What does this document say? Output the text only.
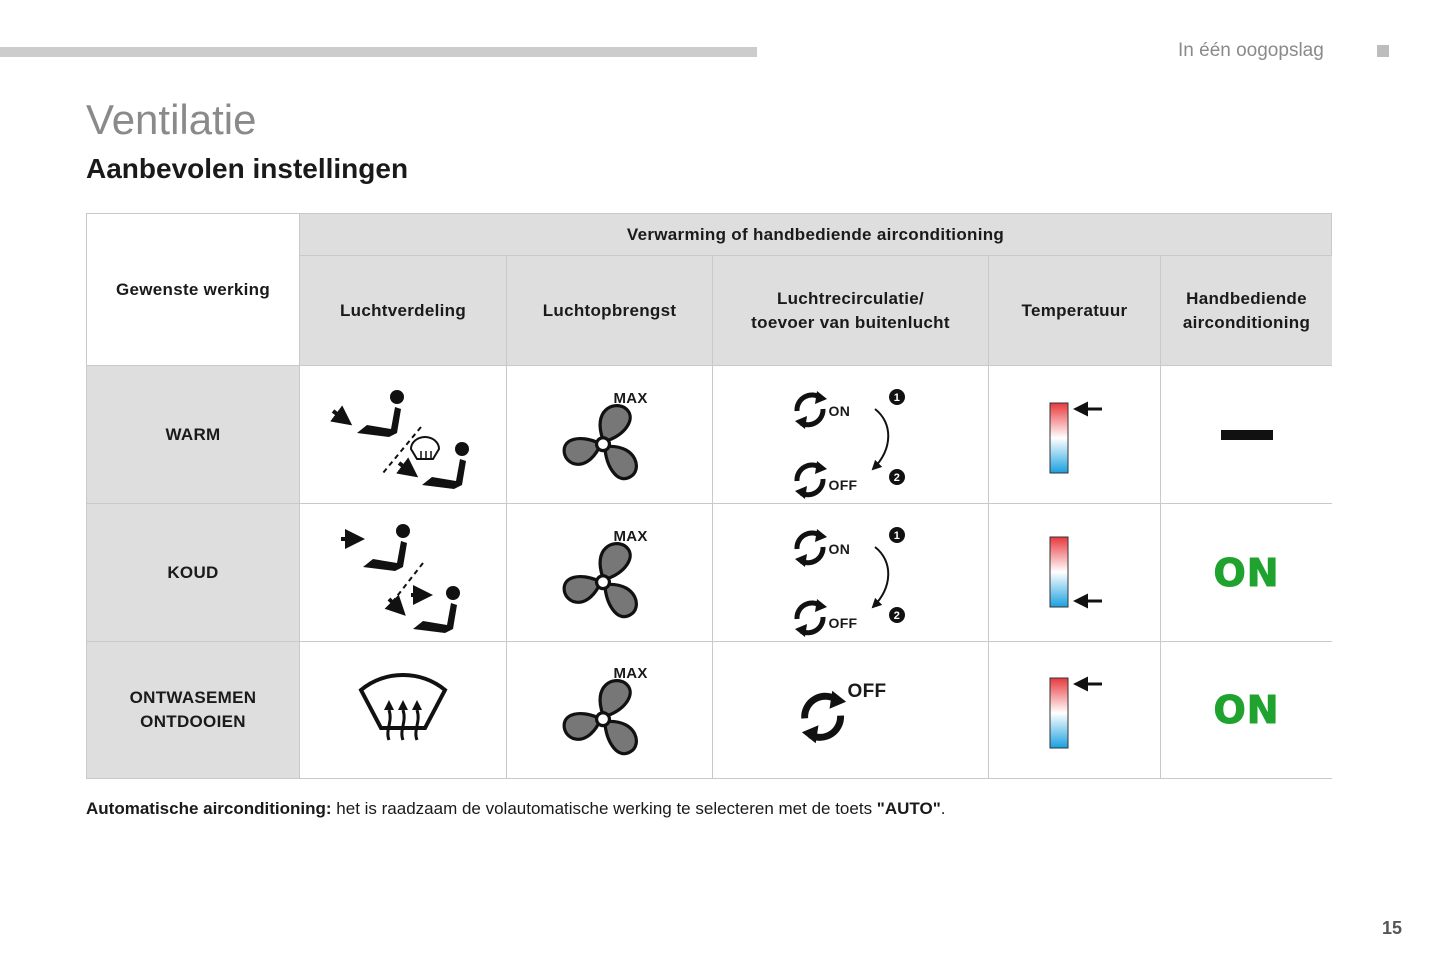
In één oogopslag
Ventilatie
Aanbevolen instellingen
Gewenste werking
Verwarming of handbediende airconditioning
Luchtverdeling	Luchtopbrengst
Luchtrecirculatie/
toevoer van buitenlucht
Temperatuur
Handbediende
airconditioning
WARM
MAX
ON
OFF
1
2
KOUD
MAX
ON
OFF
1
2
ON
ONTWASEMEN
ONTDOOIEN
MAX
OFF	ON
Automatische airconditioning: het is raadzaam de volautomatische werking te selecteren met de toets "AUTO".
15
